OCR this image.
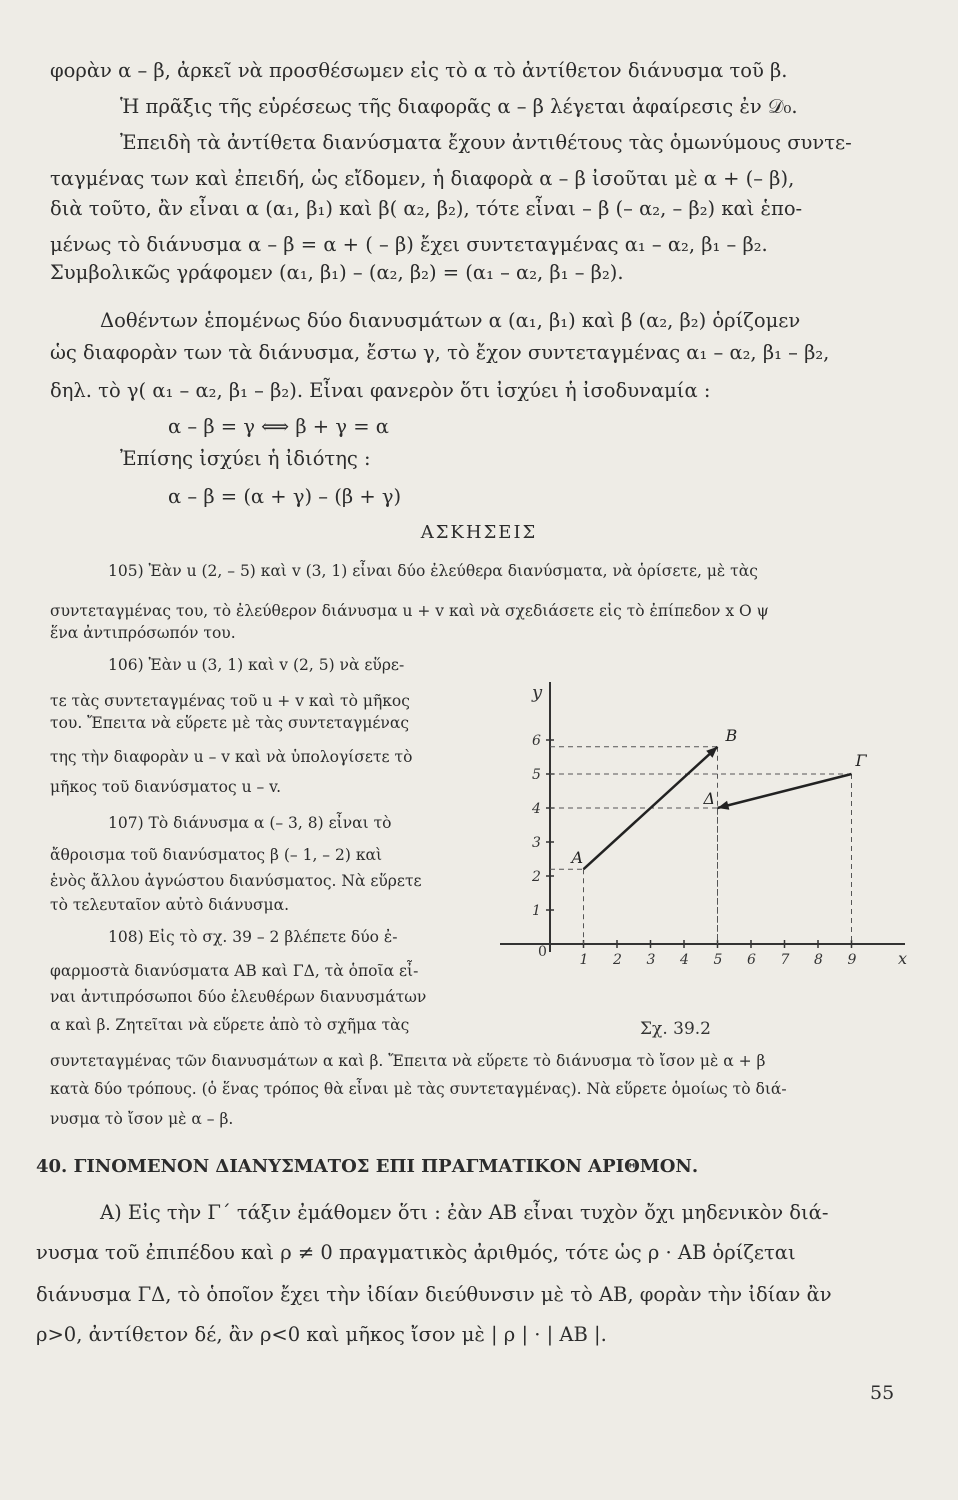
φορὰν α – β, ἀρκεῖ νὰ προσθέσωμεν εἰς τὸ α τὸ ἀντίθετον διάνυσμα τοῦ β.
Ἡ πρᾶξις τῆς εὑρέσεως τῆς διαφορᾶς α – β λέγεται ἀφαίρεσις ἐν 𝒟₀.
Ἐπειδὴ τὰ ἀντίθετα διανύσματα ἔχουν ἀντιθέτους τὰς ὁμωνύμους συντε-
ταγμένας των καὶ ἐπειδή, ὡς εἴδομεν, ἡ διαφορὰ α – β ἰσοῦται μὲ α + (– β),
διὰ τοῦτο, ἂν εἶναι α (α₁, β₁) καὶ β( α₂, β₂), τότε εἶναι – β (– α₂, – β₂) καὶ ἑπο-
μένως τὸ διάνυσμα α – β = α + ( – β) ἔχει συντεταγμένας α₁ – α₂, β₁ – β₂.
Συμβολικῶς γράφομεν (α₁, β₁) – (α₂, β₂) = (α₁ – α₂, β₁ – β₂).
Δοθέντων ἑπομένως δύο διανυσμάτων α (α₁, β₁) καὶ β (α₂, β₂) ὁρίζομεν
ὡς διαφορὰν των τὰ διάνυσμα, ἔστω γ, τὸ ἔχον συντεταγμένας α₁ – α₂, β₁ – β₂,
δηλ. τὸ γ( α₁ – α₂, β₁ – β₂). Εἶναι φανερὸν ὅτι ἰσχύει ἡ ἰσοδυναμία :
α – β = γ ⟺ β + γ = α
Ἐπίσης ἰσχύει ἡ ἰδιότης :
α – β = (α + γ) – (β + γ)
ΑΣΚΗΣΕΙΣ
105) Ἐὰν u (2, – 5) καὶ v (3, 1) εἶναι δύο ἐλεύθερα διανύσματα, νὰ ὁρίσετε, μὲ τὰς
συντεταγμένας του, τὸ ἐλεύθερον διάνυσμα u + v καὶ νὰ σχεδιάσετε εἰς τὸ ἐπίπεδον x O ψ
ἕνα ἀντιπρόσωπόν του.
106) Ἐὰν u (3, 1) καὶ v (2, 5) νὰ εὕρε-
τε τὰς συντεταγμένας τοῦ u + v καὶ τὸ μῆκος
του. Ἔπειτα νὰ εὕρετε μὲ τὰς συντεταγμένας
της τὴν διαφορὰν u – v καὶ νὰ ὑπολογίσετε τὸ
μῆκος τοῦ διανύσματος u – v.
107) Τὸ διάνυσμα α (– 3, 8) εἶναι τὸ
ἄθροισμα τοῦ διανύσματος β (– 1, – 2) καὶ
ἑνὸς ἄλλου ἀγνώστου διανύσματος. Νὰ εὕρετε
τὸ τελευταῖον αὐτὸ διάνυσμα.
108) Εἰς τὸ σχ. 39 – 2 βλέπετε δύο ἐ-
φαρμοστὰ διανύσματα ΑΒ καὶ ΓΔ, τὰ ὁποῖα εἶ-
ναι ἀντιπρόσωποι δύο ἐλευθέρων διανυσμάτων
α καὶ β. Ζητεῖται νὰ εὕρετε ἀπὸ τὸ σχῆμα τὰς
συντεταγμένας τῶν διανυσμάτων α καὶ β. Ἔπειτα νὰ εὕρετε τὸ διάνυσμα τὸ ἴσον μὲ α + β
κατὰ δύο τρόπους. (ὁ ἕνας τρόπος θὰ εἶναι μὲ τὰς συντεταγμένας). Νὰ εὕρετε ὁμοίως τὸ διά-
νυσμα τὸ ἴσον μὲ α – β.
1 2 3 4 5 6 7 8 9
1
2
3
4
5
6
A
B
Γ
Δ
y
x
0
Σχ. 39.2
40. ΓΙΝΟΜΕΝΟΝ ΔΙΑΝΥΣΜΑΤΟΣ ΕΠΙ ΠΡΑΓΜΑΤΙΚΟΝ ΑΡΙΘΜΟΝ.
Α) Εἰς τὴν Γ΄ τάξιν ἐμάθομεν ὅτι : ἐὰν ΑΒ εἶναι τυχὸν ὄχι μηδενικὸν διά-
νυσμα τοῦ ἐπιπέδου καὶ ρ ≠ 0 πραγματικὸς ἀριθμός, τότε ὡς ρ · ΑΒ ὁρίζεται
διάνυσμα ΓΔ, τὸ ὁποῖον ἔχει τὴν ἰδίαν διεύθυνσιν μὲ τὸ ΑΒ, φορὰν τὴν ἰδίαν ἂν
ρ>0, ἀντίθετον δέ, ἂν ρ<0 καὶ μῆκος ἴσον μὲ | ρ | · | ΑΒ |.
55
